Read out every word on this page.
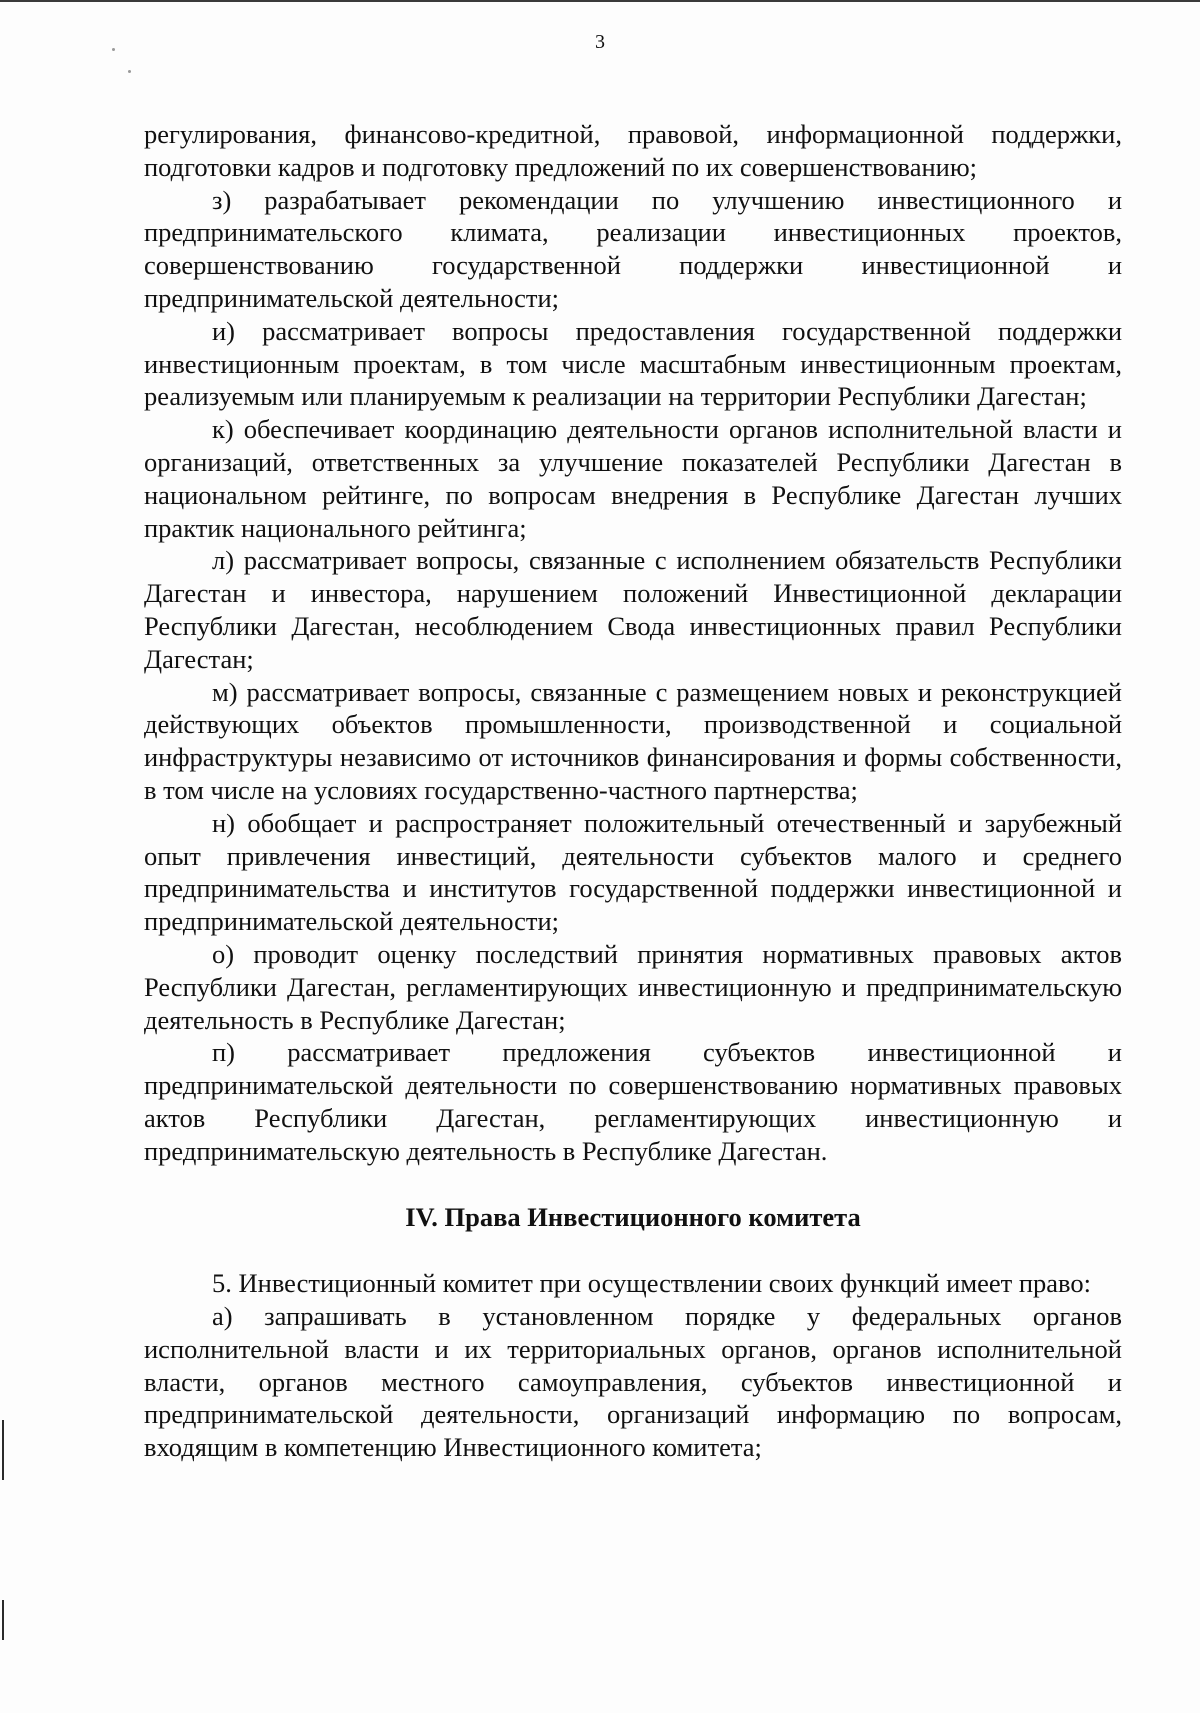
3

регулирования, финансово-кредитной, правовой, информационной поддержки, подготовки кадров и подготовку предложений по их совершенствованию;

з) разрабатывает рекомендации по улучшению инвестиционного и предпринимательского климата, реализации инвестиционных проектов, совершенствованию государственной поддержки инвестиционной и предпринимательской деятельности;

и) рассматривает вопросы предоставления государственной поддержки инвестиционным проектам, в том числе масштабным инвестиционным проектам, реализуемым или планируемым к реализации на территории Республики Дагестан;

к) обеспечивает координацию деятельности органов исполнительной власти и организаций, ответственных за улучшение показателей Республики Дагестан в национальном рейтинге, по вопросам внедрения в Республике Дагестан лучших практик национального рейтинга;

л) рассматривает вопросы, связанные с исполнением обязательств Республики Дагестан и инвестора, нарушением положений Инвестиционной декларации Республики Дагестан, несоблюдением Свода инвестиционных правил Республики Дагестан;

м) рассматривает вопросы, связанные с размещением новых и реконструкцией действующих объектов промышленности, производственной и социальной инфраструктуры независимо от источников финансирования и формы собственности, в том числе на условиях государственно-частного партнерства;

н) обобщает и распространяет положительный отечественный и зарубежный опыт привлечения инвестиций, деятельности субъектов малого и среднего предпринимательства и институтов государственной поддержки инвестиционной и предпринимательской деятельности;

о) проводит оценку последствий принятия нормативных правовых актов Республики Дагестан, регламентирующих инвестиционную и предпринимательскую деятельность в Республике Дагестан;

п) рассматривает предложения субъектов инвестиционной и предпринимательской деятельности по совершенствованию нормативных правовых актов Республики Дагестан, регламентирующих инвестиционную и предпринимательскую деятельность в Республике Дагестан.

IV. Права Инвестиционного комитета

5. Инвестиционный комитет при осуществлении своих функций имеет право:

а) запрашивать в установленном порядке у федеральных органов исполнительной власти и их территориальных органов, органов исполнительной власти, органов местного самоуправления, субъектов инвестиционной и предпринимательской деятельности, организаций информацию по вопросам, входящим в компетенцию Инвестиционного комитета;
